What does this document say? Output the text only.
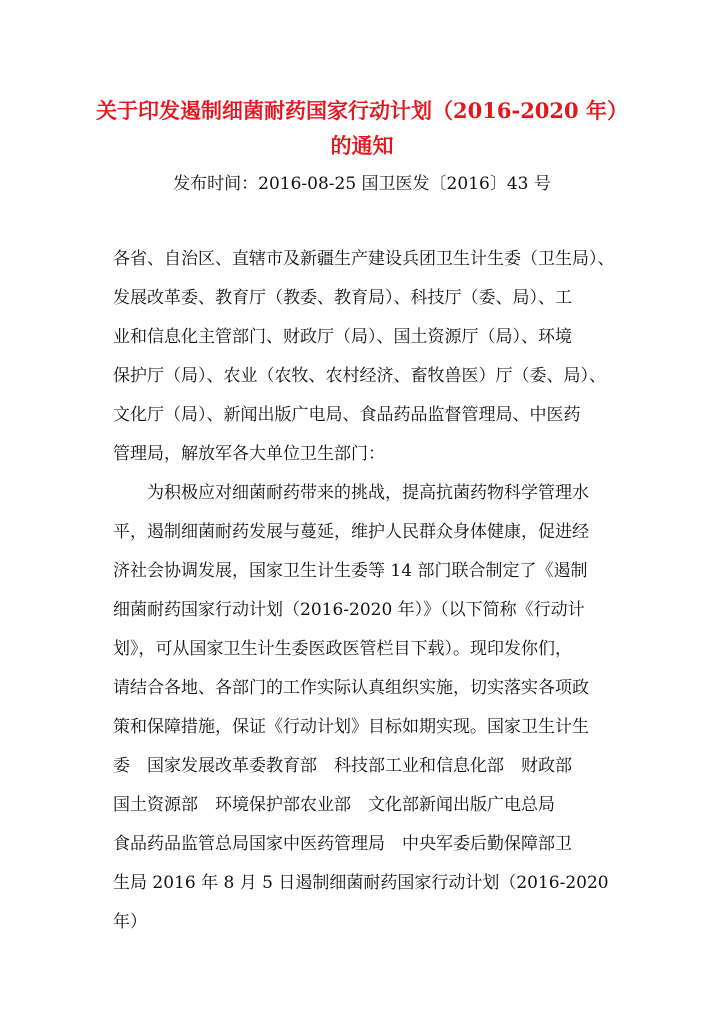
关于印发遏制细菌耐药国家行动计划（2016-2020 年）
的通知
发布时间：2016-08-25 国卫医发〔2016〕43 号
各省、自治区、直辖市及新疆生产建设兵团卫生计生委（卫生局）、
发展改革委、教育厅（教委、教育局）、科技厅（委、局）、工
业和信息化主管部门、财政厅（局）、国土资源厅（局）、环境
保护厅（局）、农业（农牧、农村经济、畜牧兽医）厅（委、局）、
文化厅（局）、新闻出版广电局、食品药品监督管理局、中医药
管理局，解放军各大单位卫生部门：
为积极应对细菌耐药带来的挑战，提高抗菌药物科学管理水
平，遏制细菌耐药发展与蔓延，维护人民群众身体健康，促进经
济社会协调发展，国家卫生计生委等 14 部门联合制定了《遏制
细菌耐药国家行动计划（2016-2020 年）》（以下简称《行动计
划》，可从国家卫生计生委医政医管栏目下载）。现印发你们，
请结合各地、各部门的工作实际认真组织实施，切实落实各项政
策和保障措施，保证《行动计划》目标如期实现。国家卫生计生
委　国家发展改革委教育部　科技部工业和信息化部　财政部
国土资源部　环境保护部农业部　文化部新闻出版广电总局
食品药品监管总局国家中医药管理局　中央军委后勤保障部卫
生局 2016 年 8 月 5 日遏制细菌耐药国家行动计划（2016-2020
年）
